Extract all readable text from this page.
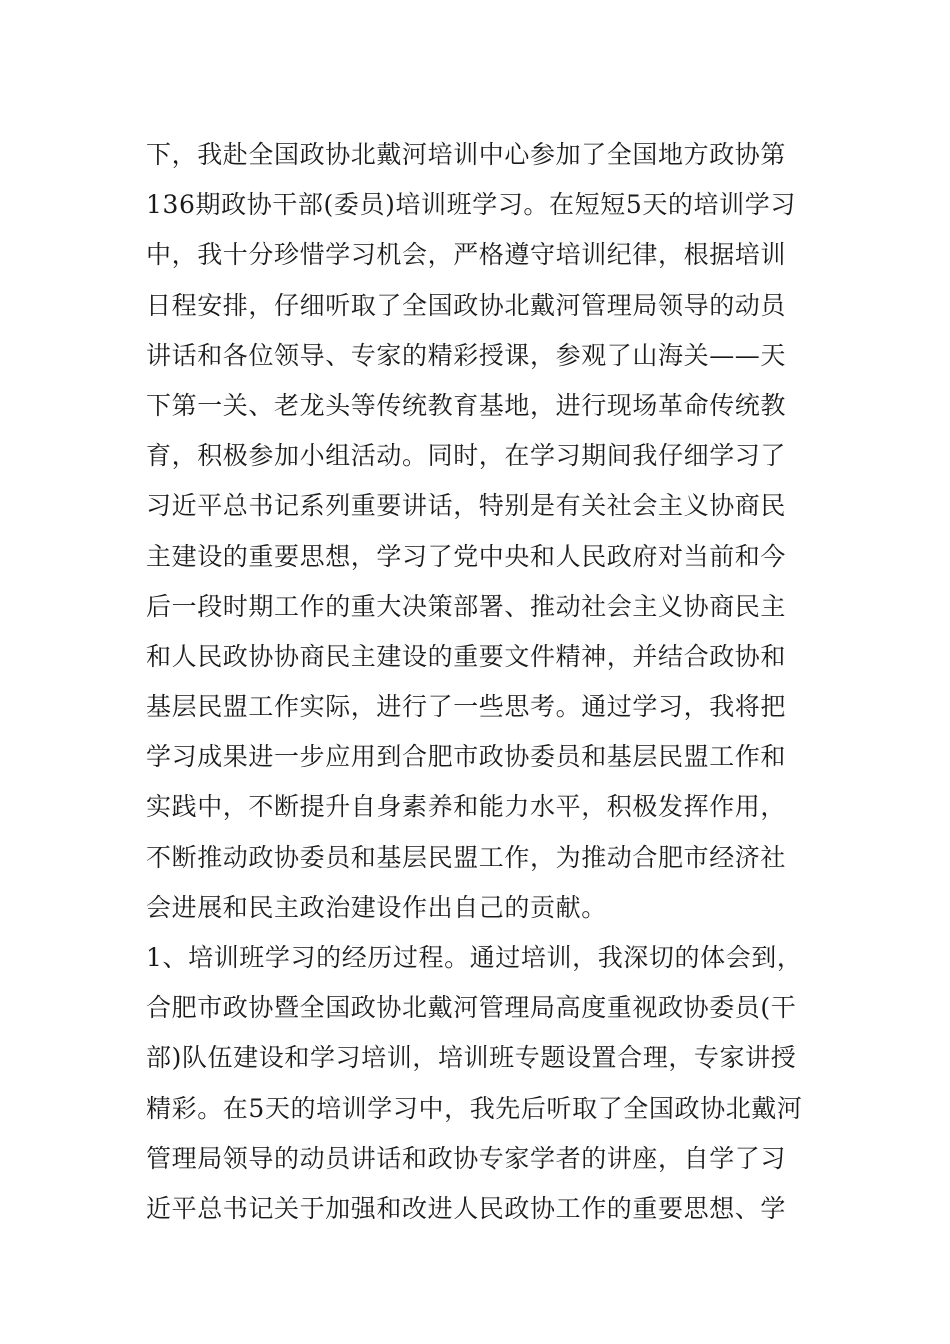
下，我赴全国政协北戴河培训中心参加了全国地方政协第
136期政协干部(委员)培训班学习。在短短5天的培训学习
中，我十分珍惜学习机会，严格遵守培训纪律，根据培训
日程安排，仔细听取了全国政协北戴河管理局领导的动员
讲话和各位领导、专家的精彩授课，参观了山海关——天
下第一关、老龙头等传统教育基地，进行现场革命传统教
育，积极参加小组活动。同时，在学习期间我仔细学习了
习近平总书记系列重要讲话，特别是有关社会主义协商民
主建设的重要思想，学习了党中央和人民政府对当前和今
后一段时期工作的重大决策部署、推动社会主义协商民主
和人民政协协商民主建设的重要文件精神，并结合政协和
基层民盟工作实际，进行了一些思考。通过学习，我将把
学习成果进一步应用到合肥市政协委员和基层民盟工作和
实践中，不断提升自身素养和能力水平，积极发挥作用，
不断推动政协委员和基层民盟工作，为推动合肥市经济社
会进展和民主政治建设作出自己的贡献。
1、培训班学习的经历过程。通过培训，我深切的体会到，
合肥市政协暨全国政协北戴河管理局高度重视政协委员(干
部)队伍建设和学习培训，培训班专题设置合理，专家讲授
精彩。在5天的培训学习中，我先后听取了全国政协北戴河
管理局领导的动员讲话和政协专家学者的讲座，自学了习
近平总书记关于加强和改进人民政协工作的重要思想、学
